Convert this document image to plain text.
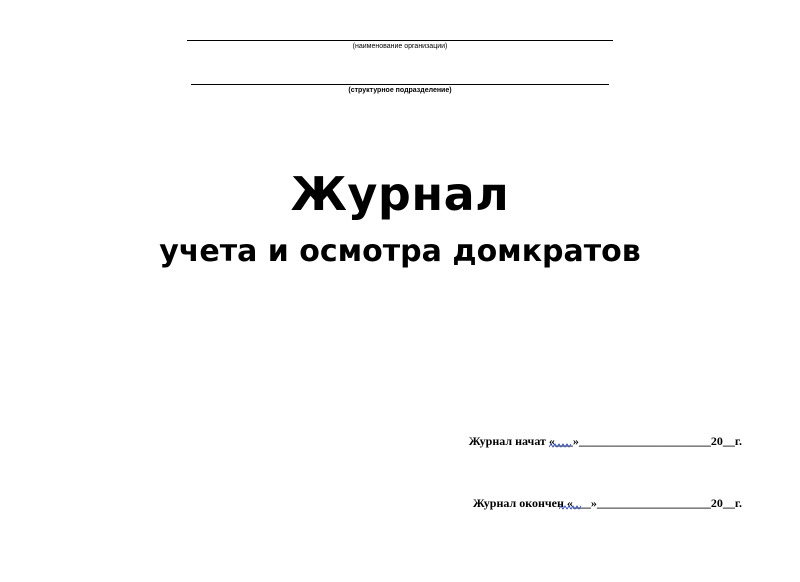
(наименование организации)
(структурное подразделение)
Журнал
учета и осмотра домкратов
Журнал начат «___»______________________20__г.
Журнал окончен «___»___________________20__г.
